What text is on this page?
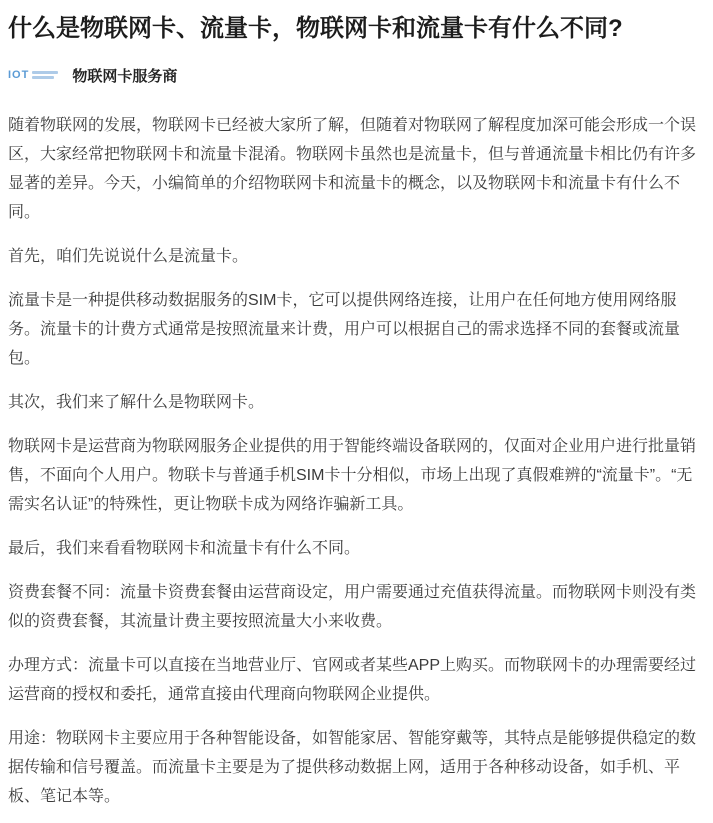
什么是物联网卡、流量卡，物联网卡和流量卡有什么不同?
IOT	物联网卡服务商

随着物联网的发展，物联网卡已经被大家所了解，但随着对物联网了解程度加深可能会形成一个误区，大家经常把物联网卡和流量卡混淆。物联网卡虽然也是流量卡，但与普通流量卡相比仍有许多显著的差异。今天，小编简单的介绍物联网卡和流量卡的概念，以及物联网卡和流量卡有什么不同。

首先，咱们先说说什么是流量卡。

流量卡是一种提供移动数据服务的SIM卡，它可以提供网络连接，让用户在任何地方使用网络服务。流量卡的计费方式通常是按照流量来计费，用户可以根据自己的需求选择不同的套餐或流量包。

其次，我们来了解什么是物联网卡。

物联网卡是运营商为物联网服务企业提供的用于智能终端设备联网的，仅面对企业用户进行批量销售，不面向个人用户。物联卡与普通手机SIM卡十分相似，市场上出现了真假难辨的“流量卡”。“无需实名认证”的特殊性，更让物联卡成为网络诈骗新工具。

最后，我们来看看物联网卡和流量卡有什么不同。

资费套餐不同：流量卡资费套餐由运营商设定，用户需要通过充值获得流量。而物联网卡则没有类似的资费套餐，其流量计费主要按照流量大小来收费。

办理方式：流量卡可以直接在当地营业厅、官网或者某些APP上购买。而物联网卡的办理需要经过运营商的授权和委托，通常直接由代理商向物联网企业提供。

用途：物联网卡主要应用于各种智能设备，如智能家居、智能穿戴等，其特点是能够提供稳定的数据传输和信号覆盖。而流量卡主要是为了提供移动数据上网，适用于各种移动设备，如手机、平板、笔记本等。
